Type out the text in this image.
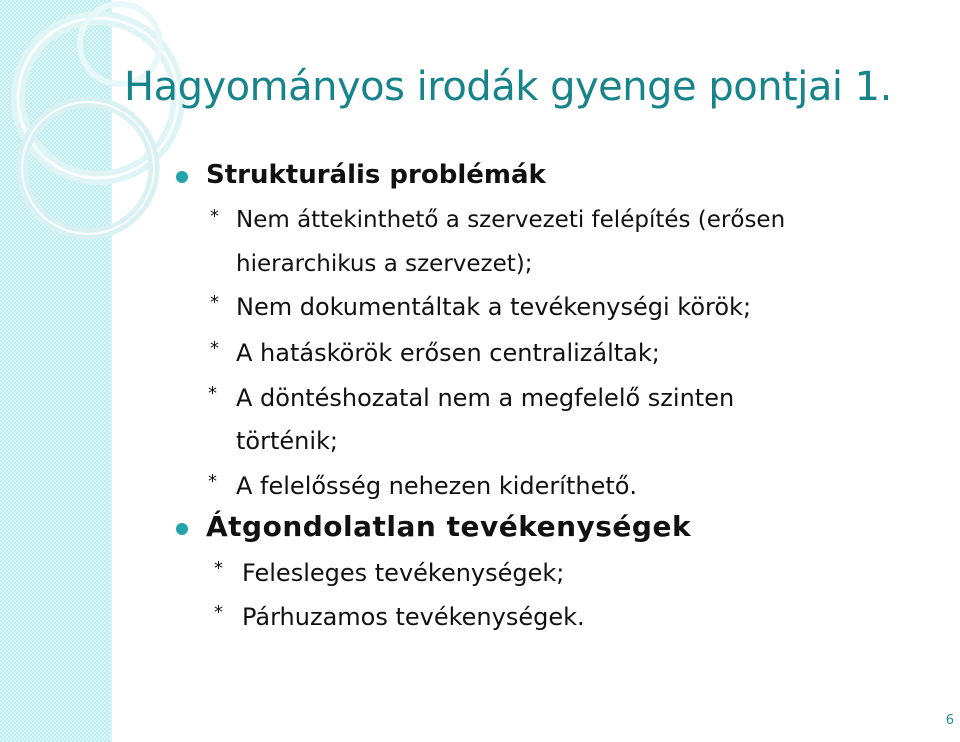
Hagyományos irodák gyenge pontjai 1.
Strukturális problémák
* Nem áttekinthető a szervezeti felépítés (erősen
hierarchikus a szervezet);
* Nem dokumentáltak a tevékenységi körök;
* A hatáskörök erősen centralizáltak;
* A döntéshozatal nem a megfelelő szinten
történik;
* A felelősség nehezen kideríthető.
Átgondolatlan tevékenységek
* Felesleges tevékenységek;
* Párhuzamos tevékenységek.
6
